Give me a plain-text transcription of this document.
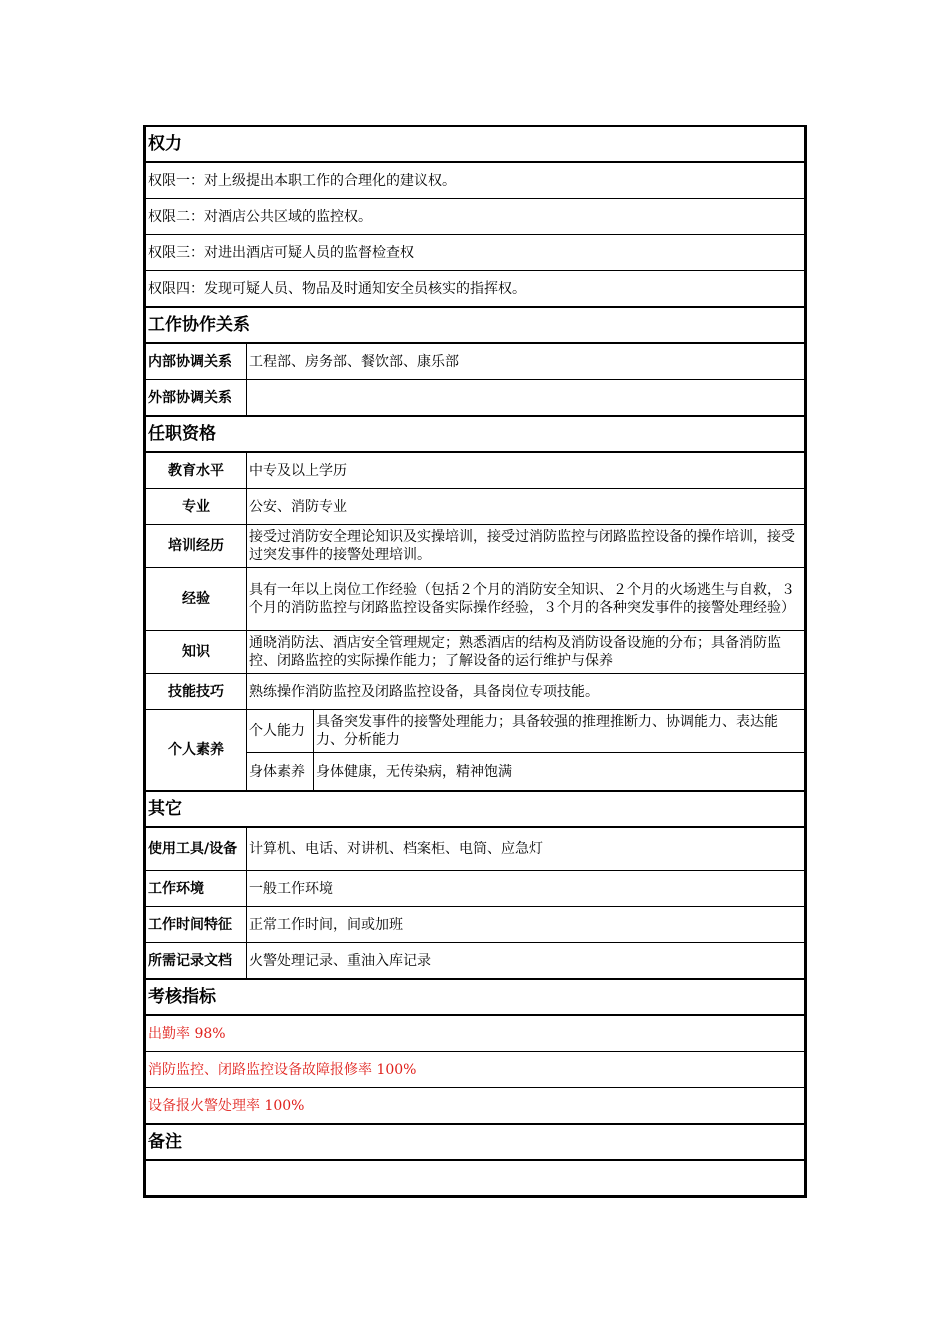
权力		
权限一：对上级提出本职工作的合理化的建议权。		
权限二：对酒店公共区域的监控权。		
权限三：对进出酒店可疑人员的监督检查权		
权限四：发现可疑人员、物品及时通知安全员核实的指挥权。		
工作协作关系		
内部协调关系	工程部、房务部、餐饮部、康乐部	
外部协调关系		
任职资格		
教育水平	中专及以上学历	
专业	公安、消防专业	
培训经历	接受过消防安全理论知识及实操培训，接受过消防监控与闭路监控设备的操作培训，接受过突发事件的接警处理培训。	
经验	具有一年以上岗位工作经验（包括２个月的消防安全知识、２个月的火场逃生与自救，３个月的消防监控与闭路监控设备实际操作经验，３个月的各种突发事件的接警处理经验）	
知识	通晓消防法、酒店安全管理规定；熟悉酒店的结构及消防设备设施的分布；具备消防监控、闭路监控的实际操作能力；了解设备的运行维护与保养	
技能技巧	熟练操作消防监控及闭路监控设备，具备岗位专项技能。	
个人素养	个人能力	具备突发事件的接警处理能力；具备较强的推理推断力、协调能力、表达能力、分析能力
	身体素养	身体健康，无传染病，精神饱满
其它		
使用工具/设备	计算机、电话、对讲机、档案柜、电筒、应急灯	
工作环境	一般工作环境	
工作时间特征	正常工作时间，间或加班	
所需记录文档	火警处理记录、重油入库记录	
考核指标		
出勤率 98%		
消防监控、闭路监控设备故障报修率 100%		
设备报火警处理率 100%		
备注		
